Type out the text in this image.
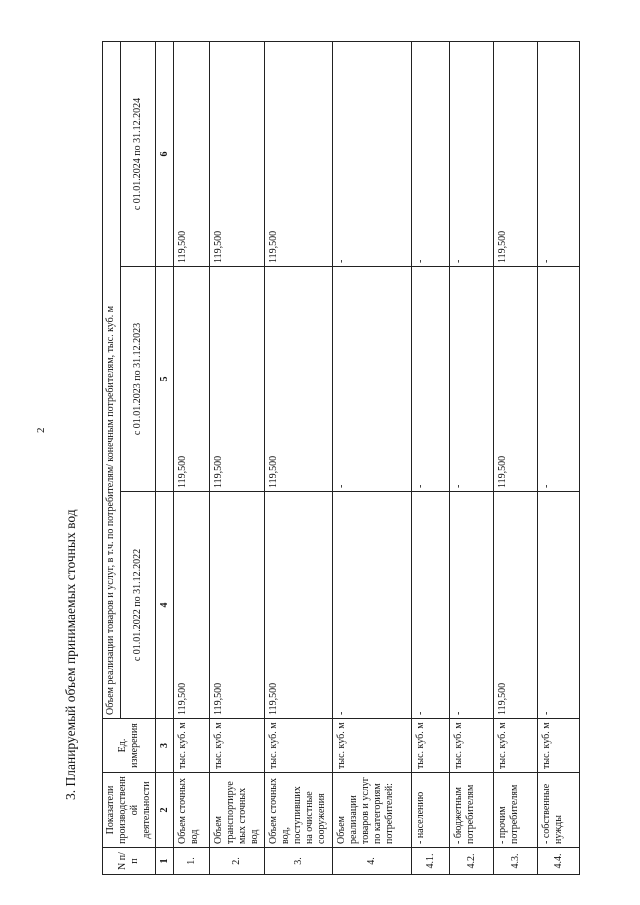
2
3. Планируемый объем принимаемых сточных вод
N п/п	Показатели производственной деятельности	Ед. измерения	Объем реализации товаров и услуг, в т.ч. по потребителям/ конечным потребителям, тыс. куб. м		
			с 01.01.2022 по 31.12.2022	с 01.01.2023 по 31.12.2023	с 01.01.2024 по 31.12.2024
1	2	3	4	5	6
1.	Объем сточных вод	тыс. куб. м	119,500	119,500	119,500
2.	Объем транспортируемых сточных вод	тыс. куб. м	119,500	119,500	119,500
3.	Объем сточных вод, поступивших на очистные сооружения	тыс. куб. м	119,500	119,500	119,500
4.	Объем реализации товаров и услуг по категориям потребителей:	тыс. куб. м	-	-	-
4.1.	- населению	тыс. куб. м	-	-	-
4.2.	- бюджетным потребителям	тыс. куб. м	-	-	-
4.3.	- прочим потребителям	тыс. куб. м	119,500	119,500	119,500
4.4.	- собственные нужды	тыс. куб. м	-	-	-
